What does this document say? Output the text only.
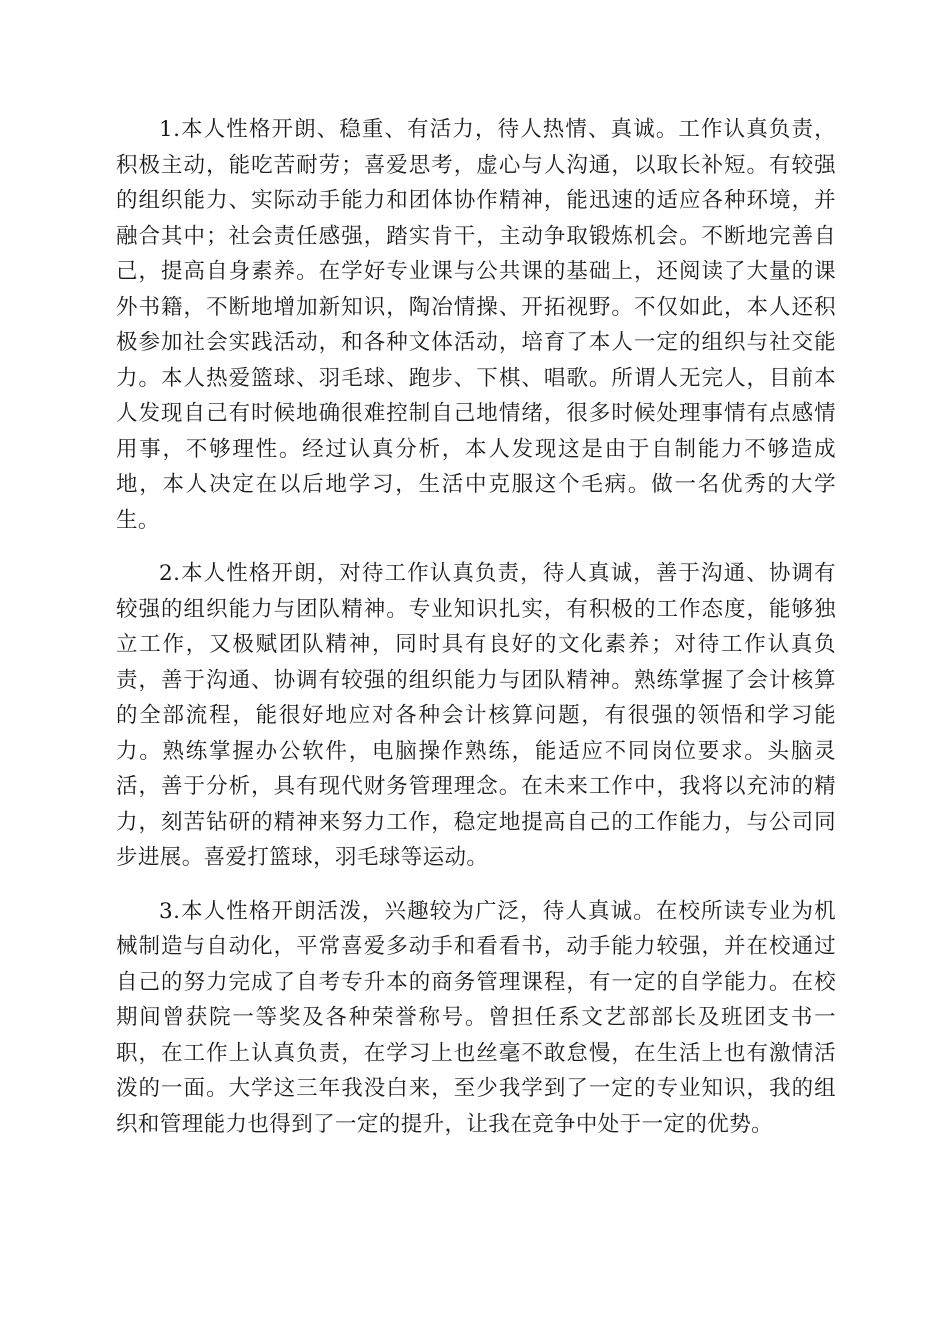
1.本人性格开朗、稳重、有活力，待人热情、真诚。工作认真负责，积极主动，能吃苦耐劳；喜爱思考，虚心与人沟通，以取长补短。有较强的组织能力、实际动手能力和团体协作精神，能迅速的适应各种环境，并融合其中；社会责任感强，踏实肯干，主动争取锻炼机会。不断地完善自己，提高自身素养。在学好专业课与公共课的基础上，还阅读了大量的课外书籍，不断地增加新知识，陶冶情操、开拓视野。不仅如此，本人还积极参加社会实践活动，和各种文体活动，培育了本人一定的组织与社交能力。本人热爱篮球、羽毛球、跑步、下棋、唱歌。所谓人无完人，目前本人发现自己有时候地确很难控制自己地情绪，很多时候处理事情有点感情用事，不够理性。经过认真分析，本人发现这是由于自制能力不够造成地，本人决定在以后地学习，生活中克服这个毛病。做一名优秀的大学生。

2.本人性格开朗，对待工作认真负责，待人真诚，善于沟通、协调有较强的组织能力与团队精神。专业知识扎实，有积极的工作态度，能够独立工作，又极赋团队精神，同时具有良好的文化素养；对待工作认真负责，善于沟通、协调有较强的组织能力与团队精神。熟练掌握了会计核算的全部流程，能很好地应对各种会计核算问题，有很强的领悟和学习能力。熟练掌握办公软件，电脑操作熟练，能适应不同岗位要求。头脑灵活，善于分析，具有现代财务管理理念。在未来工作中，我将以充沛的精力，刻苦钻研的精神来努力工作，稳定地提高自己的工作能力，与公司同步进展。喜爱打篮球，羽毛球等运动。

3.本人性格开朗活泼，兴趣较为广泛，待人真诚。在校所读专业为机械制造与自动化，平常喜爱多动手和看看书，动手能力较强，并在校通过自己的努力完成了自考专升本的商务管理课程，有一定的自学能力。在校期间曾获院一等奖及各种荣誉称号。曾担任系文艺部部长及班团支书一职，在工作上认真负责，在学习上也丝毫不敢怠慢，在生活上也有激情活泼的一面。大学这三年我没白来，至少我学到了一定的专业知识，我的组织和管理能力也得到了一定的提升，让我在竞争中处于一定的优势。
